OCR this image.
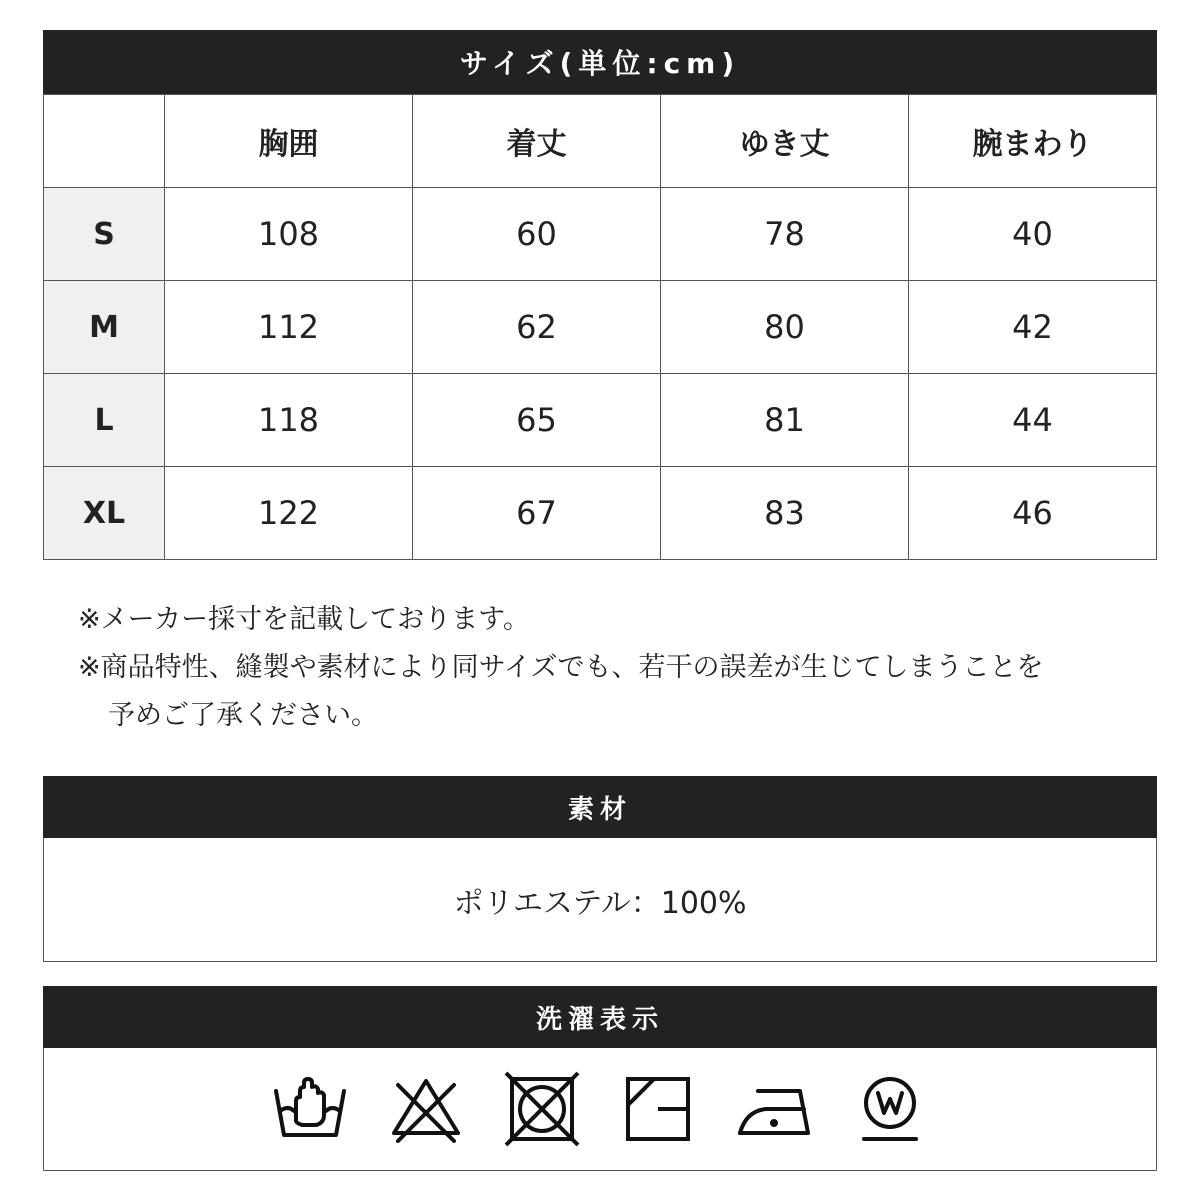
サイズ(単位:cm)
	胸囲	着丈	ゆき丈	腕まわり
S	108	60	78	40
M	112	62	80	42
L	118	65	81	44
XL	122	67	83	46
※メーカー採寸を記載しております。
※商品特性、縫製や素材により同サイズでも、若干の誤差が生じてしまうことを
予めご了承ください。
素材
ポリエステル：100%
洗濯表示
